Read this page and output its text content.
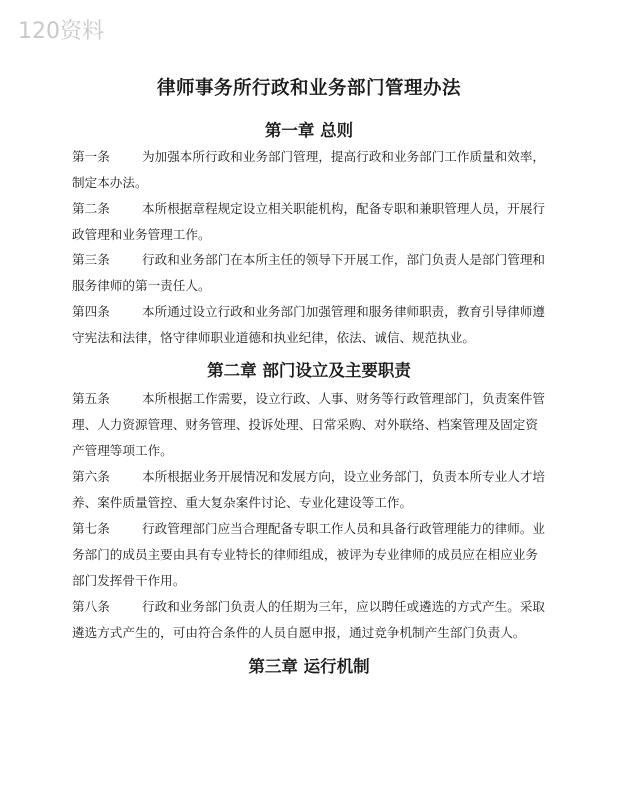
120资料
律师事务所行政和业务部门管理办法
第一章 总则
第一条	为加强本所行政和业务部门管理，提高行政和业务部门工作质量和效率，制定本办法。
第二条	本所根据章程规定设立相关职能机构，配备专职和兼职管理人员，开展行政管理和业务管理工作。
第三条	行政和业务部门在本所主任的领导下开展工作，部门负责人是部门管理和服务律师的第一责任人。
第四条	本所通过设立行政和业务部门加强管理和服务律师职责，教育引导律师遵守宪法和法律，恪守律师职业道德和执业纪律，依法、诚信、规范执业。
第二章 部门设立及主要职责
第五条	本所根据工作需要，设立行政、人事、财务等行政管理部门，负责案件管理、人力资源管理、财务管理、投诉处理、日常采购、对外联络、档案管理及固定资产管理等项工作。
第六条	本所根据业务开展情况和发展方向，设立业务部门，负责本所专业人才培养、案件质量管控、重大复杂案件讨论、专业化建设等工作。
第七条	行政管理部门应当合理配备专职工作人员和具备行政管理能力的律师。业务部门的成员主要由具有专业特长的律师组成，被评为专业律师的成员应在相应业务部门发挥骨干作用。
第八条	行政和业务部门负责人的任期为三年，应以聘任或遴选的方式产生。采取遴选方式产生的，可由符合条件的人员自愿申报，通过竞争机制产生部门负责人。
第三章 运行机制
